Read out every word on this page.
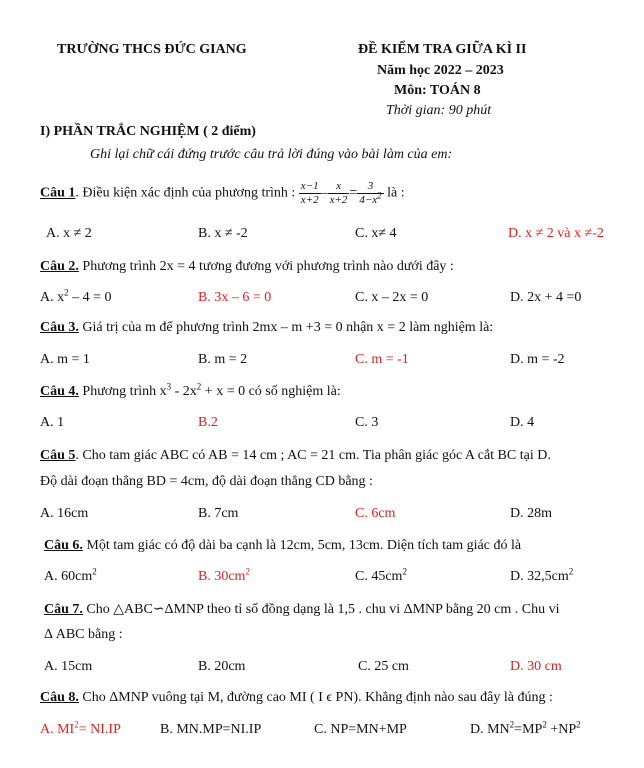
TRƯỜNG THCS ĐỨC GIANG	ĐỀ KIỂM TRA GIỮA KÌ II
Năm học 2022 – 2023
Môn: TOÁN 8
Thời gian: 90 phút
I) PHẦN TRẮC NGHIỆM ( 2 điểm)
Ghi lại chữ cái đứng trước câu trả lời đúng vào bài làm của em:
Câu 1. Điều kiện xác định của phương trình : $\frac{x-1}{x+2} - \frac{x}{x+2} = \frac{3}{4-x^2}$ là :
A. x ≠ 2	B. x ≠ -2	C. x≠ 4	D. x ≠ 2 và x ≠-2
Câu 2. Phương trình 2x = 4 tương đương với phương trình nào dưới đây :
A. $x^2 - 4 = 0$	B. 3x – 6 = 0	C. x – 2x = 0	D. 2x + 4 =0
Câu 3. Giá trị của m để phương trình 2mx – m +3 = 0 nhận x = 2 làm nghiệm là:
A. m = 1	B. m = 2	C. m = -1	D. m = -2
Câu 4. Phương trình $x^3 - 2x^2 + x = 0$ có số nghiệm là:
A. 1	B.2	C. 3	D. 4
Câu 5. Cho tam giác ABC có AB = 14 cm ; AC = 21 cm. Tia phân giác góc A cắt BC tại D.
Độ dài đoạn thẳng BD = 4cm, độ dài đoạn thẳng CD bằng :
A. 16cm	B. 7cm	C. 6cm	D. 28m
Câu 6. Một tam giác có độ dài ba cạnh là 12cm, 5cm, 13cm. Diện tích tam giác đó là
A. $60cm^2$	B. $30cm^2$	C. $45cm^2$	D. $32,5cm^2$
Câu 7. Cho △ABC∽ΔMNP theo tỉ số đồng dạng là 1,5 . chu vi ΔMNP bằng 20 cm . Chu vi
Δ ABC bằng :
A. 15cm	B. 20cm	C. 25 cm	D. 30 cm
Câu 8. Cho ΔMNP vuông tại M, đường cao MI ( I ϵ PN). Khẳng định nào sau đây là đúng :
A. $MI^2= NI.IP$	B. MN.MP=NI.IP	C. NP=MN+MP	D. $MN^2=MP^2 +NP^2$
